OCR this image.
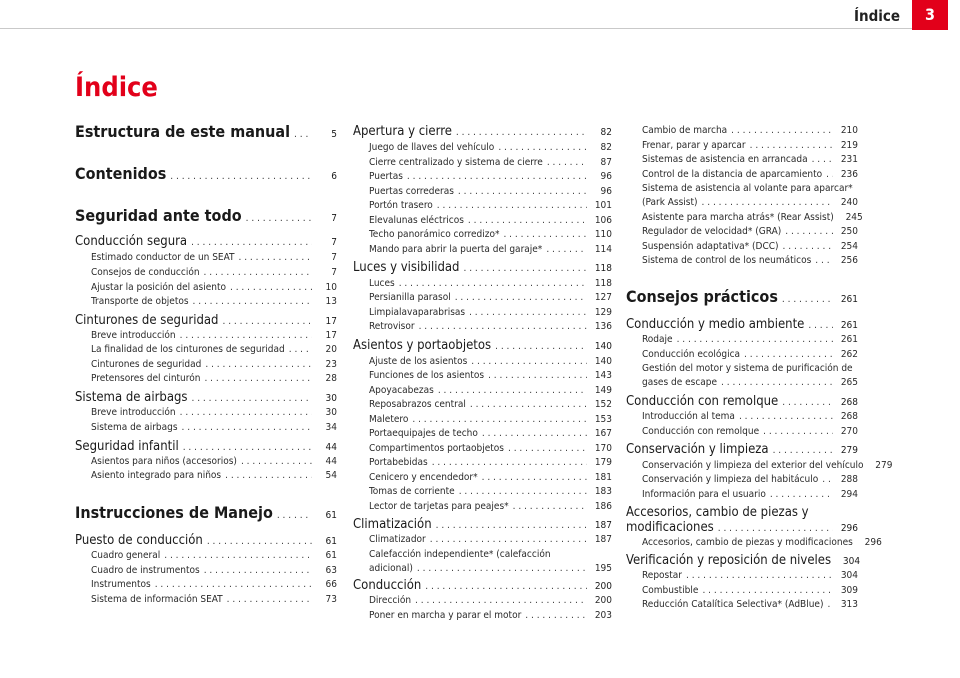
Índice	3
Índice
Estructura de este manual . . .	5
Contenidos . . .	6
Seguridad ante todo . . .	7
Conducción segura . . .	7
Estimado conductor de un SEAT . . .	7
Consejos de conducción . . .	7
Ajustar la posición del asiento . . .	10
Transporte de objetos . . .	13
Cinturones de seguridad . . .	17
Breve introducción . . .	17
La finalidad de los cinturones de seguridad . . .	20
Cinturones de seguridad . . .	23
Pretensores del cinturón . . .	28
Sistema de airbags . . .	30
Breve introducción . . .	30
Sistema de airbags . . .	34
Seguridad infantil . . .	44
Asientos para niños (accesorios) . . .	44
Asiento integrado para niños . . .	54
Instrucciones de Manejo . . .	61
Puesto de conducción . . .	61
Cuadro general . . .	61
Cuadro de instrumentos . . .	63
Instrumentos . . .	66
Sistema de información SEAT . . .	73
Apertura y cierre . . .	82
Juego de llaves del vehículo . . .	82
Cierre centralizado y sistema de cierre . . .	87
Puertas . . .	96
Puertas correderas . . .	96
Portón trasero . . .	101
Elevalunas eléctricos . . .	106
Techo panorámico corredizo* . . .	110
Mando para abrir la puerta del garaje* . . .	114
Luces y visibilidad . . .	118
Luces . . .	118
Persianilla parasol . . .	127
Limpialavaparabrisas . . .	129
Retrovisor . . .	136
Asientos y portaobjetos . . .	140
Ajuste de los asientos . . .	140
Funciones de los asientos . . .	143
Apoyacabezas . . .	149
Reposabrazos central . . .	152
Maletero . . .	153
Portaequipajes de techo . . .	167
Compartimentos portaobjetos . . .	170
Portabebidas . . .	179
Cenicero y encendedor* . . .	181
Tomas de corriente . . .	183
Lector de tarjetas para peajes* . . .	186
Climatización . . .	187
Climatizador . . .	187
Calefacción independiente* (calefacción
adicional) . . .	195
Conducción . . .	200
Dirección . . .	200
Poner en marcha y parar el motor . . .	203
Cambio de marcha . . .	210
Frenar, parar y aparcar . . .	219
Sistemas de asistencia en arrancada . . .	231
Control de la distancia de aparcamiento . . .	236
Sistema de asistencia al volante para aparcar*
(Park Assist) . . .	240
Asistente para marcha atrás* (Rear Assist)	245
Regulador de velocidad* (GRA) . . .	250
Suspensión adaptativa* (DCC) . . .	254
Sistema de control de los neumáticos . . .	256
Consejos prácticos . . .	261
Conducción y medio ambiente . . .	261
Rodaje . . .	261
Conducción ecológica . . .	262
Gestión del motor y sistema de purificación de
gases de escape . . .	265
Conducción con remolque . . .	268
Introducción al tema . . .	268
Conducción con remolque . . .	270
Conservación y limpieza . . .	279
Conservación y limpieza del exterior del vehículo	279
Conservación y limpieza del habitáculo . . .	288
Información para el usuario . . .	294
Accesorios, cambio de piezas y
modificaciones . . .	296
Accesorios, cambio de piezas y modificaciones	296
Verificación y reposición de niveles	304
Repostar . . .	304
Combustible . . .	309
Reducción Catalítica Selectiva* (AdBlue) . . .	313
